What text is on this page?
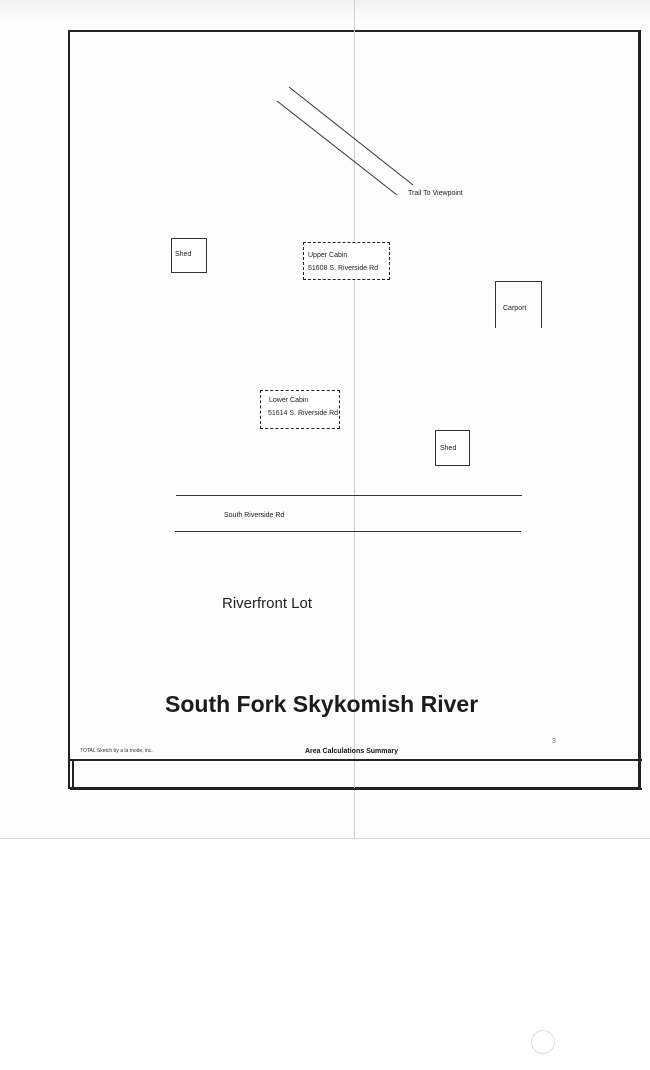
Trail To Viewpoint
Shed	Upper Cabin
51608 S. Riverside Rd
Carport
Lower Cabin
51614 S. Riverside Rd
Shed
South Riverside Rd
Riverfront Lot
South Fork Skykomish River
TOTAL Sketch by a la mode, inc.	Area Calculations Summary
3
